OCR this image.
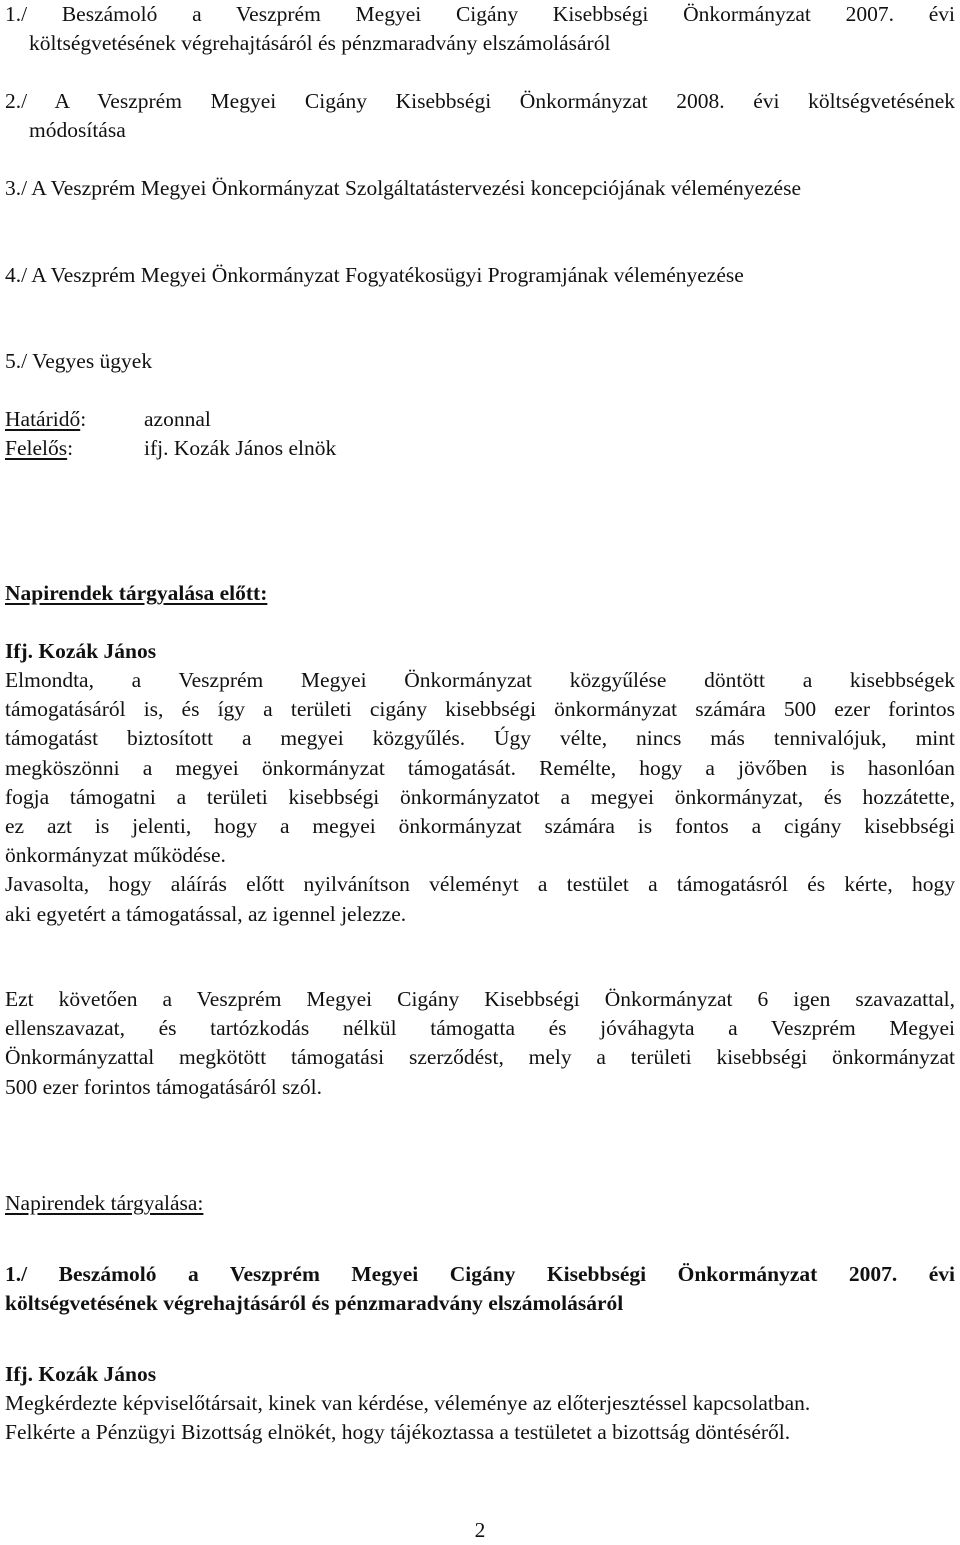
1./ Beszámoló a Veszprém Megyei Cigány Kisebbségi Önkormányzat 2007. évi
költségvetésének végrehajtásáról és pénzmaradvány elszámolásáról
2./ A Veszprém Megyei Cigány Kisebbségi Önkormányzat 2008. évi költségvetésének
módosítása
3./ A Veszprém Megyei Önkormányzat Szolgáltatástervezési koncepciójának véleményezése
4./ A Veszprém Megyei Önkormányzat Fogyatékosügyi Programjának véleményezése
5./ Vegyes ügyek
Határidő:	azonnal
Felelős:	ifj. Kozák János elnök
Napirendek tárgyalása előtt:
Ifj. Kozák János
Elmondta, a Veszprém Megyei Önkormányzat közgyűlése döntött a kisebbségek
támogatásáról is, és így a területi cigány kisebbségi önkormányzat számára 500 ezer forintos
támogatást biztosított a megyei közgyűlés. Úgy vélte, nincs más tennivalójuk, mint
megköszönni a megyei önkormányzat támogatását. Remélte, hogy a jövőben is hasonlóan
fogja támogatni a területi kisebbségi önkormányzatot a megyei önkormányzat, és hozzátette,
ez azt is jelenti, hogy a megyei önkormányzat számára is fontos a cigány kisebbségi
önkormányzat működése.
Javasolta, hogy aláírás előtt nyilvánítson véleményt a testület a támogatásról és kérte, hogy
aki egyetért a támogatással, az igennel jelezze.
Ezt követően a Veszprém Megyei Cigány Kisebbségi Önkormányzat 6 igen szavazattal,
ellenszavazat, és tartózkodás nélkül támogatta és jóváhagyta a Veszprém Megyei
Önkormányzattal megkötött támogatási szerződést, mely a területi kisebbségi önkormányzat
500 ezer forintos támogatásáról szól.
Napirendek tárgyalása:
1./ Beszámoló a Veszprém Megyei Cigány Kisebbségi Önkormányzat 2007. évi
költségvetésének végrehajtásáról és pénzmaradvány elszámolásáról
Ifj. Kozák János
Megkérdezte képviselőtársait, kinek van kérdése, véleménye az előterjesztéssel kapcsolatban.
Felkérte a Pénzügyi Bizottság elnökét, hogy tájékoztassa a testületet a bizottság döntéséről.
2
